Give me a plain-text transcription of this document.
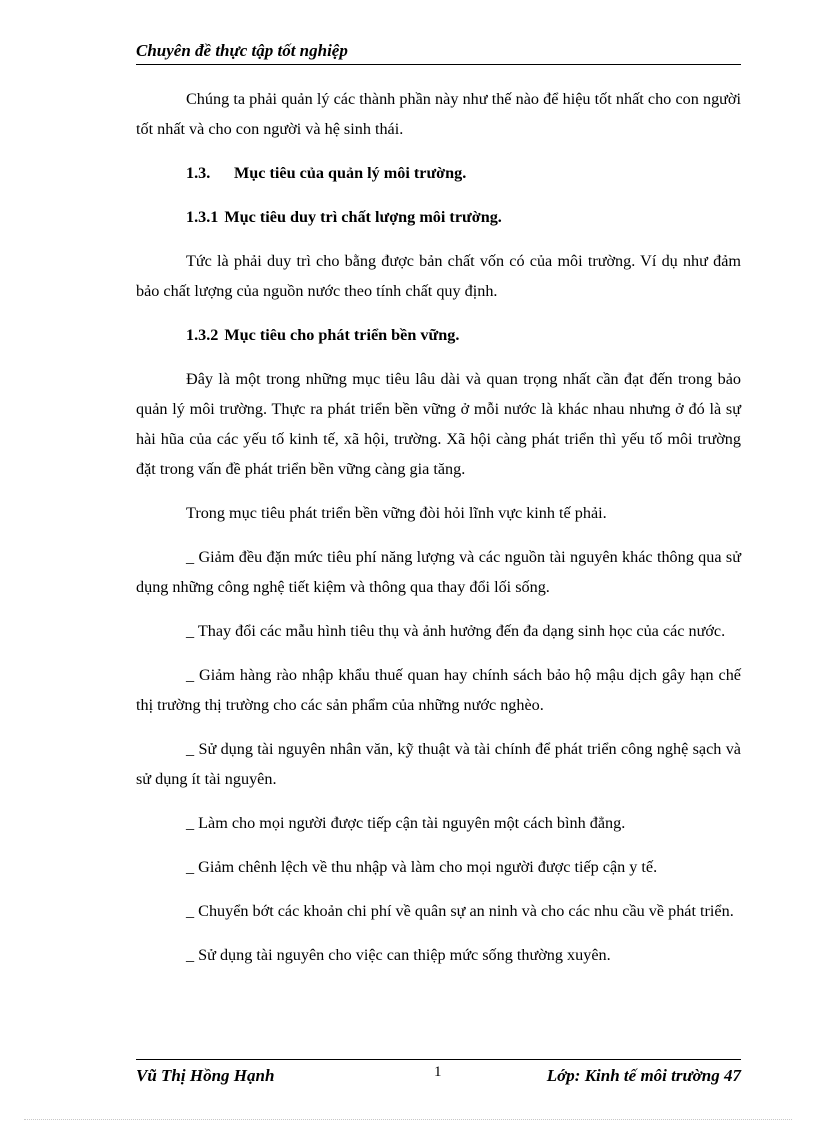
Chuyên đề thực tập tốt nghiệp

Chúng ta phải quản lý các thành phần này như thế nào để hiệu tốt nhất cho con người tốt nhất và cho con người và hệ sinh thái.

1.3. Mục tiêu của quản lý môi trường.
1.3.1 Mục tiêu duy trì chất lượng môi trường.

Tức là phải duy trì cho bằng được bản chất vốn có của môi trường. Ví dụ như đảm bảo chất lượng của nguồn nước theo tính chất quy định.

1.3.2 Mục tiêu cho phát triển bền vững.

Đây là một trong những mục tiêu lâu dài và quan trọng nhất cần đạt đến trong bảo quản lý môi trường. Thực ra phát triển bền vững ở mỗi nước là khác nhau nhưng ở đó là sự hài hũa của các yếu tố kinh tế, xã hội, trường. Xã hội càng phát triển thì yếu tố môi trường đặt trong vấn đề phát triển bền vững càng gia tăng.

Trong mục tiêu phát triển bền vững đòi hỏi lĩnh vực kinh tế phải.

_ Giảm đều đặn mức tiêu phí năng lượng và các nguồn tài nguyên khác thông qua sử dụng những công nghệ tiết kiệm và thông qua thay đổi lối sống.

_ Thay đổi các mẫu hình tiêu thụ và ảnh hưởng đến đa dạng sinh học của các nước.

_ Giảm hàng rào nhập khẩu thuế quan hay chính sách bảo hộ mậu dịch gây hạn chế thị trường thị trường cho các sản phẩm của những nước nghèo.

_ Sử dụng tài nguyên nhân văn, kỹ thuật và tài chính để phát triển công nghệ sạch và sử dụng ít tài nguyên.

_ Làm cho mọi người được tiếp cận tài nguyên một cách bình đẳng.

_ Giảm chênh lệch về thu nhập và làm cho mọi người được tiếp cận y tế.

_ Chuyển bớt các khoản chi phí về quân sự an ninh và cho các nhu cầu về phát triển.

_ Sử dụng tài nguyên cho việc can thiệp mức sống thường xuyên.

Vũ Thị Hồng Hạnh	1	Lớp: Kinh tế môi trường 47
